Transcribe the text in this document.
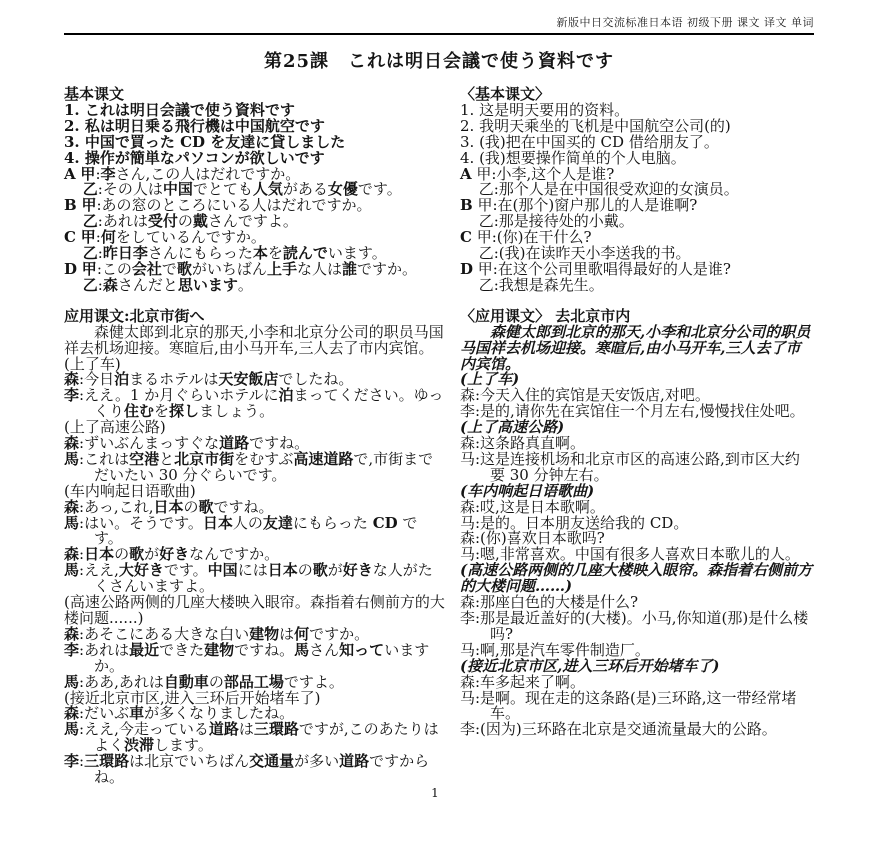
新版中日交流标准日本语 初级下册 课文 译文 单词
第25課　これは明日会議で使う資料です
基本课文
1. これは明日会議で使う資料です
2. 私は明日乗る飛行機は中国航空です
3. 中国で買った CD を友達に貸しました
4. 操作が簡単なパソコンが欲しいです
A 甲:李さん,この人はだれですか。
乙:その人は中国でとても人気がある女優です。
B 甲:あの窓のところにいる人はだれですか。
乙:あれは受付の戴さんですよ。
C 甲:何をしているんですか。
乙:昨日李さんにもらった本を読んでいます。
D 甲:この会社で歌がいちばん上手な人は誰ですか。
乙:森さんだと思います。
应用课文:北京市街へ
森健太郎到北京的那天,小李和北京分公司的职员马国祥去机场迎接。寒暄后,由小马开车,三人去了市内宾馆。
(上了车)
森:今日泊まるホテルは天安飯店でしたね。
李:ええ。1 か月ぐらいホテルに泊まってください。ゆっくり住むを探しましょう。
(上了高速公路)
森:ずいぶんまっすぐな道路ですね。
馬:これは空港と北京市街をむすぶ高速道路で,市街までだいたい 30 分ぐらいです。
(车内响起日语歌曲)
森:あっ,これ,日本の歌ですね。
馬:はい。そうです。日本人の友達にもらった CD です。
森:日本の歌が好きなんですか。
馬:ええ,大好きです。中国には日本の歌が好きな人がたくさんいますよ。
(高速公路两侧的几座大楼映入眼帘。森指着右侧前方的大楼问题......)
森:あそこにある大きな白い建物は何ですか。
李:あれは最近できた建物ですね。馬さん知っていますか。
馬:ああ,あれは自動車の部品工場ですよ。
(接近北京市区,进入三环后开始堵车了)
森:だいぶ車が多くなりましたね。
馬:ええ,今走っている道路は三環路ですが,このあたりはよく渋滞します。
李:三環路は北京でいちばん交通量が多い道路ですからね。
〈基本课文〉
1. 这是明天要用的资料。
2. 我明天乘坐的飞机是中国航空公司(的)
3. (我)把在中国买的 CD 借给朋友了。
4. (我)想要操作简单的个人电脑。
A 甲:小李,这个人是谁?
乙:那个人是在中国很受欢迎的女演员。
B 甲:在(那个)窗户那儿的人是谁啊?
乙:那是接待处的小戴。
C 甲:(你)在干什么?
乙:(我)在读昨天小李送我的书。
D 甲:在这个公司里歌唱得最好的人是谁?
乙:我想是森先生。
〈应用课文〉 去北京市内
森健太郎到北京的那天,小李和北京分公司的职员马国祥去机场迎接。寒暄后,由小马开车,三人去了市内宾馆。
(上了车)
森:今天入住的宾馆是天安饭店,对吧。
李:是的,请你先在宾馆住一个月左右,慢慢找住处吧。
(上了高速公路)
森:这条路真直啊。
马:这是连接机场和北京市区的高速公路,到市区大约要 30 分钟左右。
(车内响起日语歌曲)
森:哎,这是日本歌啊。
马:是的。日本朋友送给我的 CD。
森:(你)喜欢日本歌吗?
马:嗯,非常喜欢。中国有很多人喜欢日本歌儿的人。
(高速公路两侧的几座大楼映入眼帘。森指着右侧前方的大楼问题……)
森:那座白色的大楼是什么?
李:那是最近盖好的(大楼)。小马,你知道(那)是什么楼吗?
马:啊,那是汽车零件制造厂。
(接近北京市区,进入三环后开始堵车了)
森:车多起来了啊。
马:是啊。现在走的这条路(是)三环路,这一带经常堵车。
李:(因为)三环路在北京是交通流量最大的公路。
1
